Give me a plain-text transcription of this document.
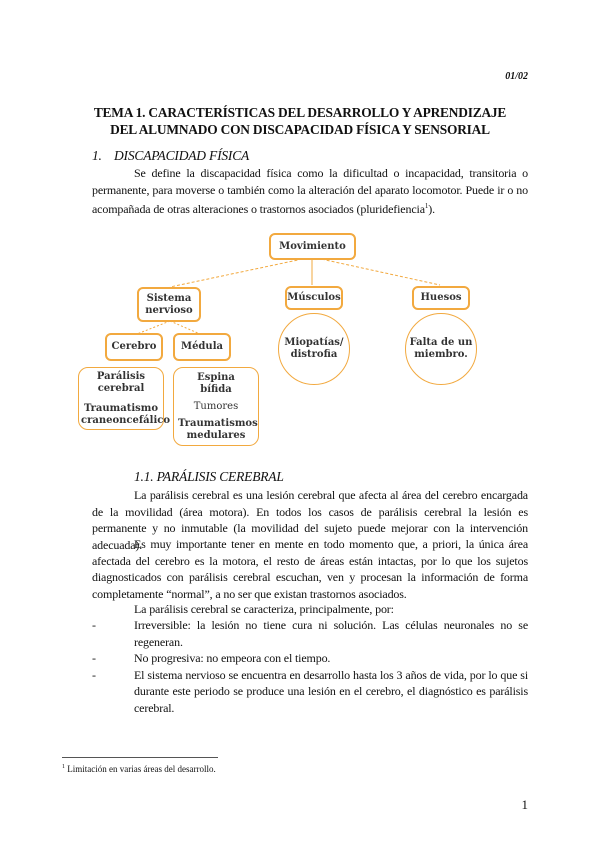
01/02
TEMA 1. CARACTERÍSTICAS DEL DESARROLLO Y APRENDIZAJE
DEL ALUMNADO CON DISCAPACIDAD FÍSICA Y SENSORIAL
1. DISCAPACIDAD FÍSICA
Se define la discapacidad física como la dificultad o incapacidad, transitoria o permanente, para moverse o también como la alteración del aparato locomotor. Puede ir o no acompañada de otras alteraciones o trastornos asociados (pluridefiencia$^1$).
Movimiento
Sistema nervioso
Músculos	Huesos
Cerebro	Médula	Miopatías/ distrofia
Falta de un miembro.
Parálisis cerebral
Traumatismo craneoncefálico
Espina bífida
Tumores
Traumatismos medulares
1.1. PARÁLISIS CEREBRAL
La parálisis cerebral es una lesión cerebral que afecta al área del cerebro encargada de la movilidad (área motora). En todos los casos de parálisis cerebral la lesión es permanente y no inmutable (la movilidad del sujeto puede mejorar con la intervención adecuada).
Es muy importante tener en mente en todo momento que, a priori, la única área afectada del cerebro es la motora, el resto de áreas están intactas, por lo que los sujetos diagnosticados con parálisis cerebral escuchan, ven y procesan la información de forma completamente “normal”, a no ser que existan trastornos asociados.
La parálisis cerebral se caracteriza, principalmente, por:
-	Irreversible: la lesión no tiene cura ni solución. Las células neuronales no se regeneran.
-	No progresiva: no empeora con el tiempo.
-	El sistema nervioso se encuentra en desarrollo hasta los 3 años de vida, por lo que si durante este periodo se produce una lesión en el cerebro, el diagnóstico es parálisis cerebral.
$^1$ Limitación en varias áreas del desarrollo.
1
